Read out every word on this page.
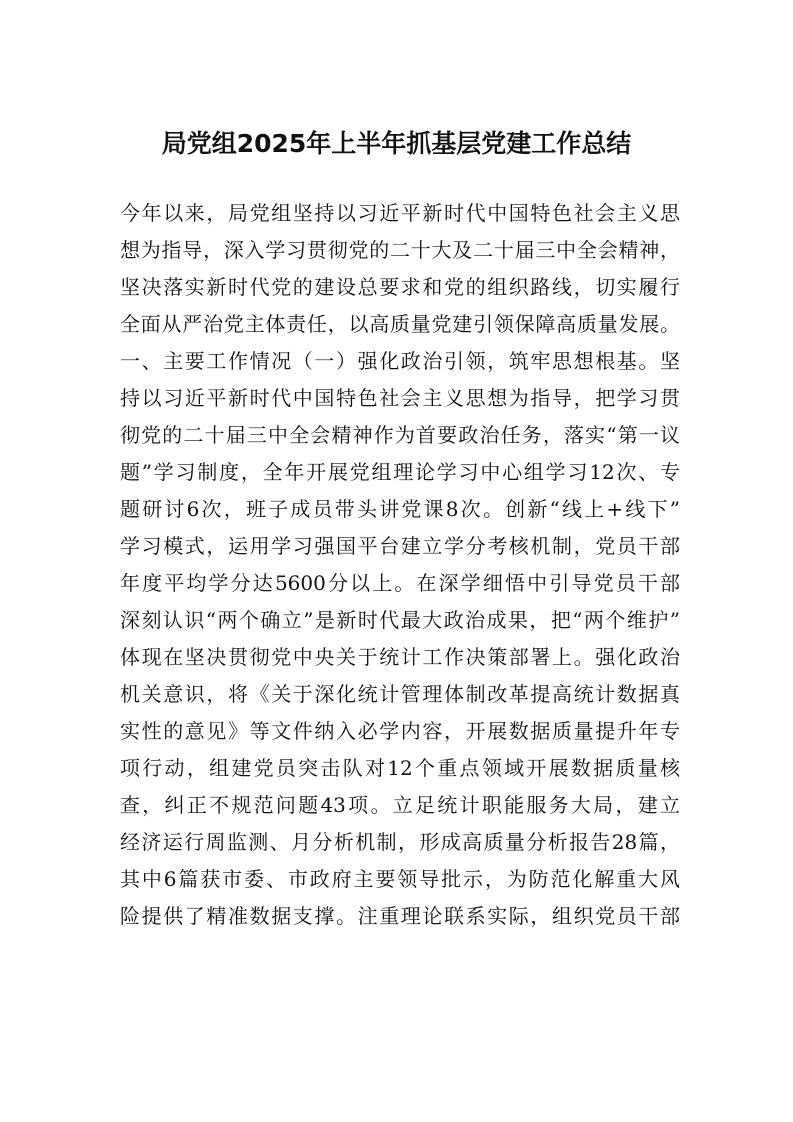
局党组2025年上半年抓基层党建工作总结
今年以来，局党组坚持以习近平新时代中国特色社会主义思
想为指导，深入学习贯彻党的二十大及二十届三中全会精神，
坚决落实新时代党的建设总要求和党的组织路线，切实履行
全面从严治党主体责任，以高质量党建引领保障高质量发展。
一、主要工作情况（一）强化政治引领，筑牢思想根基。坚
持以习近平新时代中国特色社会主义思想为指导，把学习贯
彻党的二十届三中全会精神作为首要政治任务，落实“第一议
题”学习制度，全年开展党组理论学习中心组学习12次、专
题研讨6次，班子成员带头讲党课8次。创新“线上+线下”
学习模式，运用学习强国平台建立学分考核机制，党员干部
年度平均学分达5600分以上。在深学细悟中引导党员干部
深刻认识“两个确立”是新时代最大政治成果，把“两个维护”
体现在坚决贯彻党中央关于统计工作决策部署上。强化政治
机关意识，将《关于深化统计管理体制改革提高统计数据真
实性的意见》等文件纳入必学内容，开展数据质量提升年专
项行动，组建党员突击队对12个重点领域开展数据质量核
查，纠正不规范问题43项。立足统计职能服务大局，建立
经济运行周监测、月分析机制，形成高质量分析报告28篇，
其中6篇获市委、市政府主要领导批示，为防范化解重大风
险提供了精准数据支撑。注重理论联系实际，组织党员干部
